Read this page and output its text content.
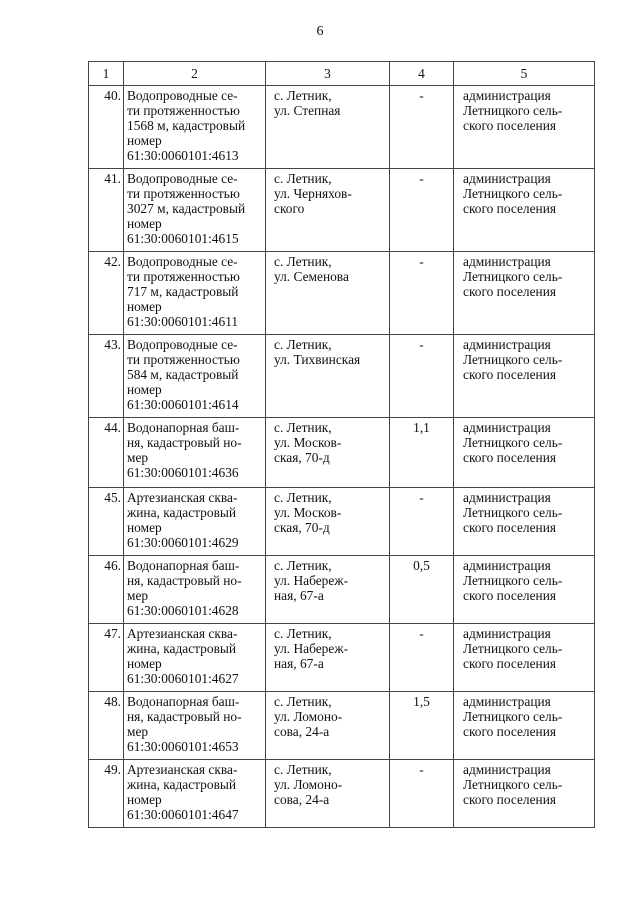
6
1	2	3	4	5
40.	Водопроводные се-
ти протяженностью
1568 м, кадастровый
номер
61:30:0060101:4613	с. Летник,
ул. Степная	-	администрация
Летницкого сель-
ского поселения

41.	Водопроводные се-
ти протяженностью
3027 м, кадастровый
номер
61:30:0060101:4615	с. Летник,
ул. Черняхов-
ского	-	администрация
Летницкого сель-
ского поселения

42.	Водопроводные се-
ти протяженностью
717 м, кадастровый
номер
61:30:0060101:4611	с. Летник,
ул. Семенова	-	администрация
Летницкого сель-
ского поселения

43.	Водопроводные се-
ти протяженностью
584 м, кадастровый
номер
61:30:0060101:4614	с. Летник,
ул. Тихвинская	-	администрация
Летницкого сель-
ского поселения

44.	Водонапорная баш-
ня, кадастровый но-
мер
61:30:0060101:4636	с. Летник,
ул. Москов-
ская, 70-д	1,1	администрация
Летницкого сель-
ского поселения

45.	Артезианская сква-
жина, кадастровый
номер
61:30:0060101:4629	с. Летник,
ул. Москов-
ская, 70-д	-	администрация
Летницкого сель-
ского поселения

46.	Водонапорная баш-
ня, кадастровый но-
мер
61:30:0060101:4628	с. Летник,
ул. Набереж-
ная, 67-а	0,5	администрация
Летницкого сель-
ского поселения

47.	Артезианская сква-
жина, кадастровый
номер
61:30:0060101:4627	с. Летник,
ул. Набереж-
ная, 67-а	-	администрация
Летницкого сель-
ского поселения

48.	Водонапорная баш-
ня, кадастровый но-
мер
61:30:0060101:4653	с. Летник,
ул. Ломоно-
сова, 24-а	1,5	администрация
Летницкого сель-
ского поселения

49.	Артезианская сква-
жина, кадастровый
номер
61:30:0060101:4647	с. Летник,
ул. Ломоно-
сова, 24-а	-	администрация
Летницкого сель-
ского поселения
